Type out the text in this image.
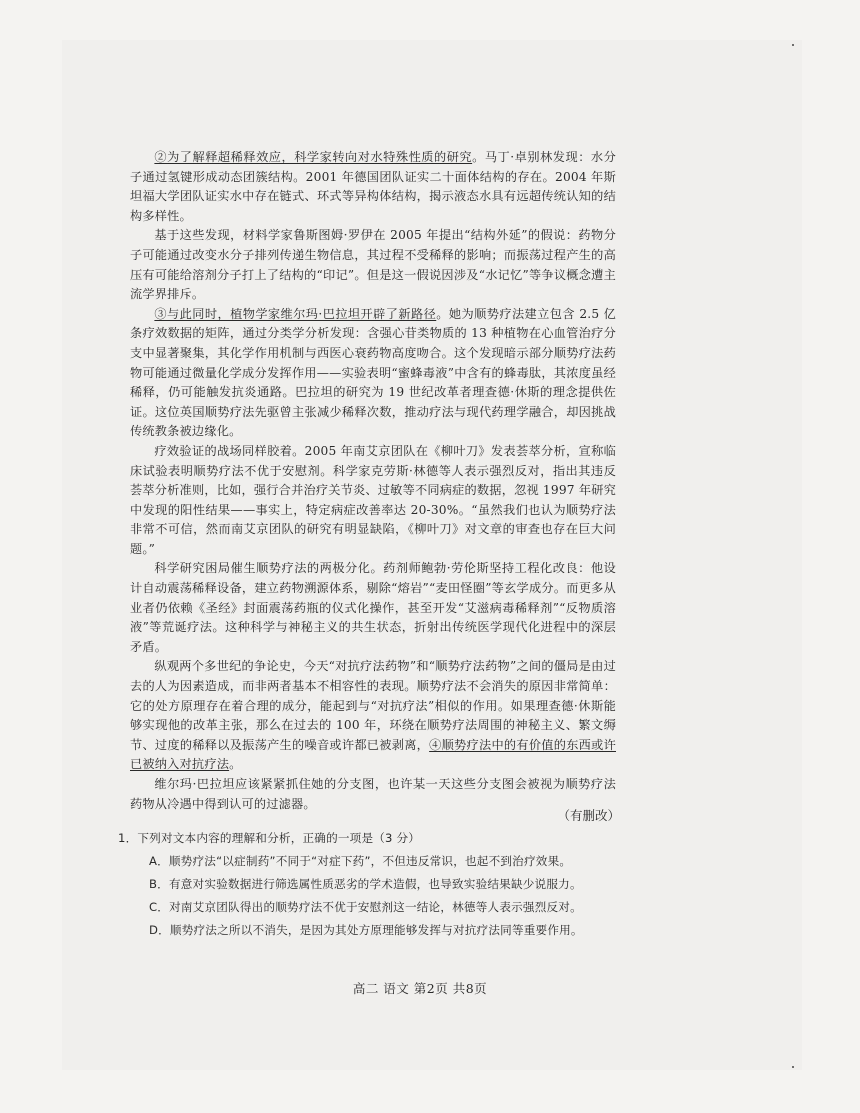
②为了解释超稀释效应，科学家转向对水特殊性质的研究。马丁·卓别林发现：水分子通过氢键形成动态团簇结构。2001 年德国团队证实二十面体结构的存在。2004 年斯坦福大学团队证实水中存在链式、环式等异构体结构，揭示液态水具有远超传统认知的结构多样性。

基于这些发现，材料学家鲁斯图姆·罗伊在 2005 年提出“结构外延”的假说：药物分子可能通过改变水分子排列传递生物信息，其过程不受稀释的影响；而振荡过程产生的高压有可能给溶剂分子打上了结构的“印记”。但是这一假说因涉及“水记忆”等争议概念遭主流学界排斥。

③与此同时，植物学家维尔玛·巴拉坦开辟了新路径。她为顺势疗法建立包含 2.5 亿条疗效数据的矩阵，通过分类学分析发现：含强心苷类物质的 13 种植物在心血管治疗分支中显著聚集，其化学作用机制与西医心衰药物高度吻合。这个发现暗示部分顺势疗法药物可能通过微量化学成分发挥作用——实验表明“蜜蜂毒液”中含有的蜂毒肽，其浓度虽经稀释，仍可能触发抗炎通路。巴拉坦的研究为 19 世纪改革者理查德·休斯的理念提供佐证。这位英国顺势疗法先驱曾主张减少稀释次数，推动疗法与现代药理学融合，却因挑战传统教条被边缘化。

疗效验证的战场同样胶着。2005 年南艾京团队在《柳叶刀》发表荟萃分析，宣称临床试验表明顺势疗法不优于安慰剂。科学家克劳斯·林德等人表示强烈反对，指出其违反荟萃分析准则，比如，强行合并治疗关节炎、过敏等不同病症的数据，忽视 1997 年研究中发现的阳性结果——事实上，特定病症改善率达 20-30%。“虽然我们也认为顺势疗法非常不可信，然而南艾京团队的研究有明显缺陷，《柳叶刀》对文章的审查也存在巨大问题。”

科学研究困局催生顺势疗法的两极分化。药剂师鲍勃·劳伦斯坚持工程化改良：他设计自动震荡稀释设备，建立药物溯源体系，剔除“熔岩”“麦田怪圈”等玄学成分。而更多从业者仍依赖《圣经》封面震荡药瓶的仪式化操作，甚至开发“艾滋病毒稀释剂”“反物质溶液”等荒诞疗法。这种科学与神秘主义的共生状态，折射出传统医学现代化进程中的深层矛盾。

纵观两个多世纪的争论史，今天“对抗疗法药物”和“顺势疗法药物”之间的僵局是由过去的人为因素造成，而非两者基本不相容性的表现。顺势疗法不会消失的原因非常简单：它的处方原理存在着合理的成分，能起到与“对抗疗法”相似的作用。如果理查德·休斯能够实现他的改革主张，那么在过去的 100 年，环绕在顺势疗法周围的神秘主义、繁文缛节、过度的稀释以及振荡产生的噪音或许都已被剥离，④顺势疗法中的有价值的东西或许已被纳入对抗疗法。

维尔玛·巴拉坦应该紧紧抓住她的分支图，也许某一天这些分支图会被视为顺势疗法药物从冷遇中得到认可的过滤器。

（有删改）

1．下列对文本内容的理解和分析，正确的一项是（3 分）

A．顺势疗法“以症制药”不同于“对症下药”，不但违反常识，也起不到治疗效果。

B．有意对实验数据进行筛选属性质恶劣的学术造假，也导致实验结果缺少说服力。

C．对南艾京团队得出的顺势疗法不优于安慰剂这一结论，林德等人表示强烈反对。

D．顺势疗法之所以不消失，是因为其处方原理能够发挥与对抗疗法同等重要作用。

高二 语文 第2页 共8页
